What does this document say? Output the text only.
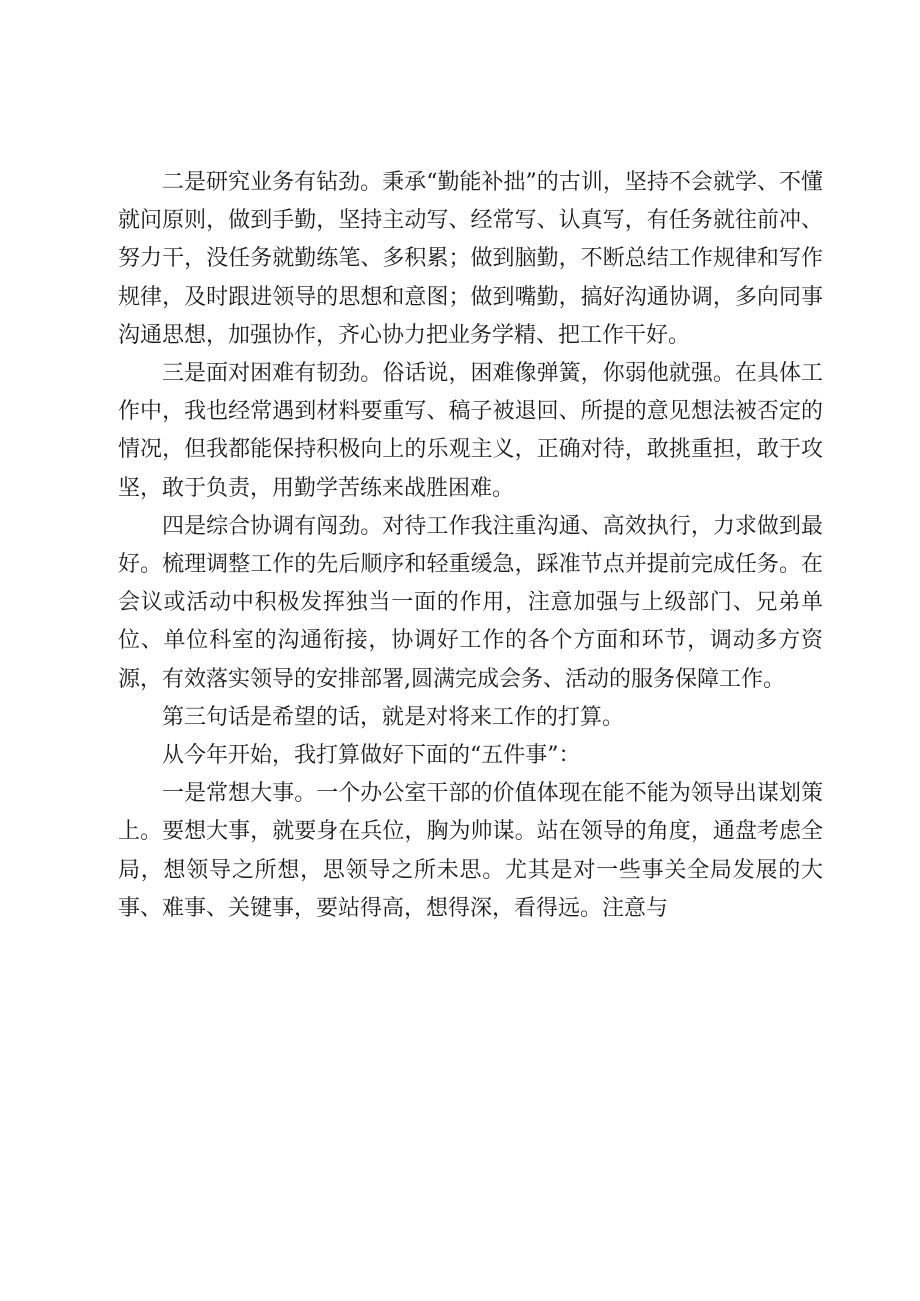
二是研究业务有钻劲。秉承“勤能补拙”的古训，坚持不会就学、不懂就问原则，做到手勤，坚持主动写、经常写、认真写，有任务就往前冲、努力干，没任务就勤练笔、多积累；做到脑勤，不断总结工作规律和写作规律，及时跟进领导的思想和意图；做到嘴勤，搞好沟通协调，多向同事沟通思想，加强协作，齐心协力把业务学精、把工作干好。

三是面对困难有韧劲。俗话说，困难像弹簧，你弱他就强。在具体工作中，我也经常遇到材料要重写、稿子被退回、所提的意见想法被否定的情况，但我都能保持积极向上的乐观主义，正确对待，敢挑重担，敢于攻坚，敢于负责，用勤学苦练来战胜困难。

四是综合协调有闯劲。对待工作我注重沟通、高效执行，力求做到最好。梳理调整工作的先后顺序和轻重缓急，踩准节点并提前完成任务。在会议或活动中积极发挥独当一面的作用，注意加强与上级部门、兄弟单位、单位科室的沟通衔接，协调好工作的各个方面和环节，调动多方资源，有效落实领导的安排部署,圆满完成会务、活动的服务保障工作。

第三句话是希望的话，就是对将来工作的打算。

从今年开始，我打算做好下面的“五件事”：

一是常想大事。一个办公室干部的价值体现在能不能为领导出谋划策上。要想大事，就要身在兵位，胸为帅谋。站在领导的角度，通盘考虑全局，想领导之所想，思领导之所未思。尤其是对一些事关全局发展的大事、难事、关键事，要站得高，想得深，看得远。注意与
